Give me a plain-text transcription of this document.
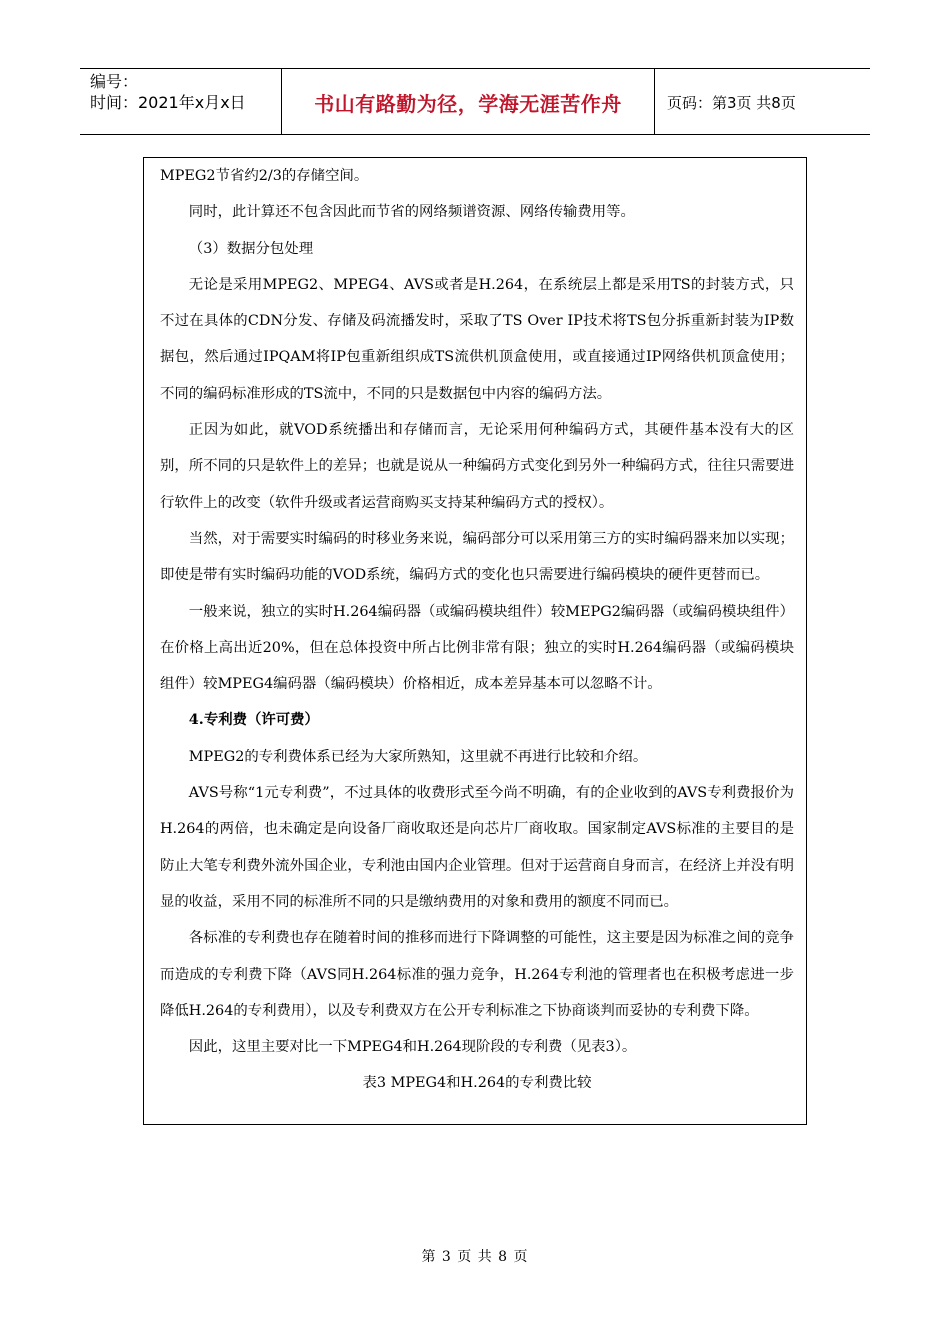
编号：
时间：2021年x月x日	书山有路勤为径，学海无涯苦作舟	页码：第3页 共8页

MPEG2节省约2/3的存储空间。

同时，此计算还不包含因此而节省的网络频谱资源、网络传输费用等。

（3）数据分包处理

无论是采用MPEG2、MPEG4、AVS或者是H.264，在系统层上都是采用TS的封装方式，只不过在具体的CDN分发、存储及码流播发时，采取了TS Over IP技术将TS包分拆重新封装为IP数据包，然后通过IPQAM将IP包重新组织成TS流供机顶盒使用，或直接通过IP网络供机顶盒使用；不同的编码标准形成的TS流中，不同的只是数据包中内容的编码方法。

正因为如此，就VOD系统播出和存储而言，无论采用何种编码方式，其硬件基本没有大的区别，所不同的只是软件上的差异；也就是说从一种编码方式变化到另外一种编码方式，往往只需要进行软件上的改变（软件升级或者运营商购买支持某种编码方式的授权）。

当然，对于需要实时编码的时移业务来说，编码部分可以采用第三方的实时编码器来加以实现；即使是带有实时编码功能的VOD系统，编码方式的变化也只需要进行编码模块的硬件更替而已。

一般来说，独立的实时H.264编码器（或编码模块组件）较MEPG2编码器（或编码模块组件）在价格上高出近20%，但在总体投资中所占比例非常有限；独立的实时H.264编码器（或编码模块组件）较MPEG4编码器（编码模块）价格相近，成本差异基本可以忽略不计。

4.专利费（许可费）

MPEG2的专利费体系已经为大家所熟知，这里就不再进行比较和介绍。

AVS号称“1元专利费”，不过具体的收费形式至今尚不明确，有的企业收到的AVS专利费报价为H.264的两倍，也未确定是向设备厂商收取还是向芯片厂商收取。国家制定AVS标准的主要目的是防止大笔专利费外流外国企业，专利池由国内企业管理。但对于运营商自身而言，在经济上并没有明显的收益，采用不同的标准所不同的只是缴纳费用的对象和费用的额度不同而已。

各标准的专利费也存在随着时间的推移而进行下降调整的可能性，这主要是因为标准之间的竞争而造成的专利费下降（AVS同H.264标准的强力竞争，H.264专利池的管理者也在积极考虑进一步降低H.264的专利费用），以及专利费双方在公开专利标准之下协商谈判而妥协的专利费下降。

因此，这里主要对比一下MPEG4和H.264现阶段的专利费（见表3）。

表3 MPEG4和H.264的专利费比较

第 3 页 共 8 页
